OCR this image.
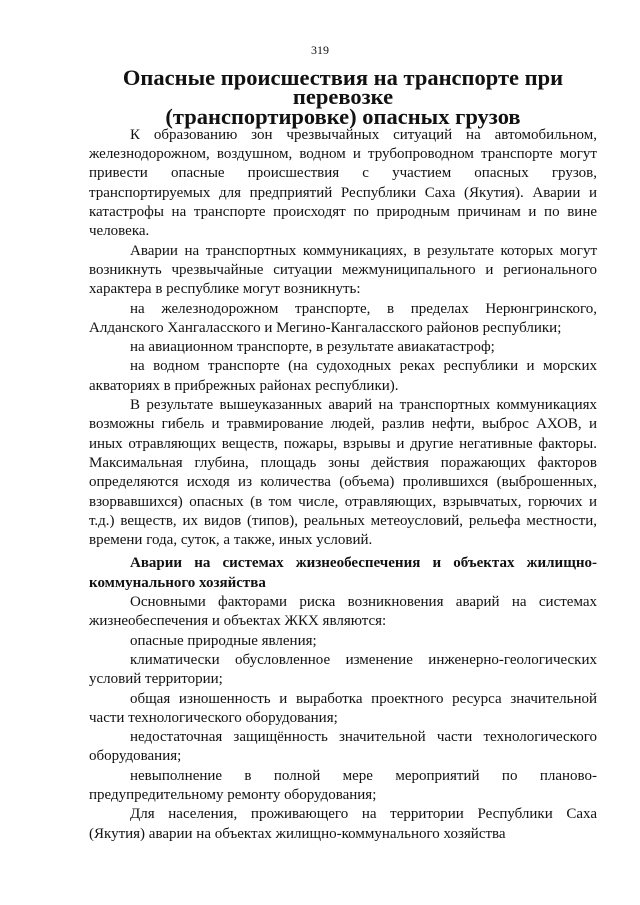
319
Опасные происшествия на транспорте при перевозке
(транспортировке) опасных грузов

К образованию зон чрезвычайных ситуаций на автомобильном, железнодорожном, воздушном, водном и трубопроводном транспорте могут привести опасные происшествия с участием опасных грузов, транспортируемых для предприятий Республики Саха (Якутия). Аварии и катастрофы на транспорте происходят по природным причинам и по вине человека.

Аварии на транспортных коммуникациях, в результате которых могут возникнуть чрезвычайные ситуации межмуниципального и регионального характера в республике могут возникнуть:

на железнодорожном транспорте, в пределах Нерюнгринского, Алданского Хангаласского и Мегино-Кангаласского районов республики;

на авиационном транспорте, в результате авиакатастроф;

на водном транспорте (на судоходных реках республики и морских акваториях в прибрежных районах республики).

В результате вышеуказанных аварий на транспортных коммуникациях возможны гибель и травмирование людей, разлив нефти, выброс АХОВ, и иных отравляющих веществ, пожары, взрывы и другие негативные факторы. Максимальная глубина, площадь зоны действия поражающих факторов определяются исходя из количества (объема) пролившихся (выброшенных, взорвавшихся) опасных (в том числе, отравляющих, взрывчатых, горючих и т.д.) веществ, их видов (типов), реальных метеоусловий, рельефа местности, времени года, суток, а также, иных условий.

Аварии на системах жизнеобеспечения и объектах жилищно-коммунального хозяйства

Основными факторами риска возникновения аварий на системах жизнеобеспечения и объектах ЖКХ являются:

опасные природные явления;

климатически обусловленное изменение инженерно-геологических условий территории;

общая изношенность и выработка проектного ресурса значительной части технологического оборудования;

недостаточная защищённость значительной части технологического оборудования;

невыполнение в полной мере мероприятий по планово-предупредительному ремонту оборудования;

Для населения, проживающего на территории Республики Саха (Якутия) аварии на объектах жилищно-коммунального хозяйства
